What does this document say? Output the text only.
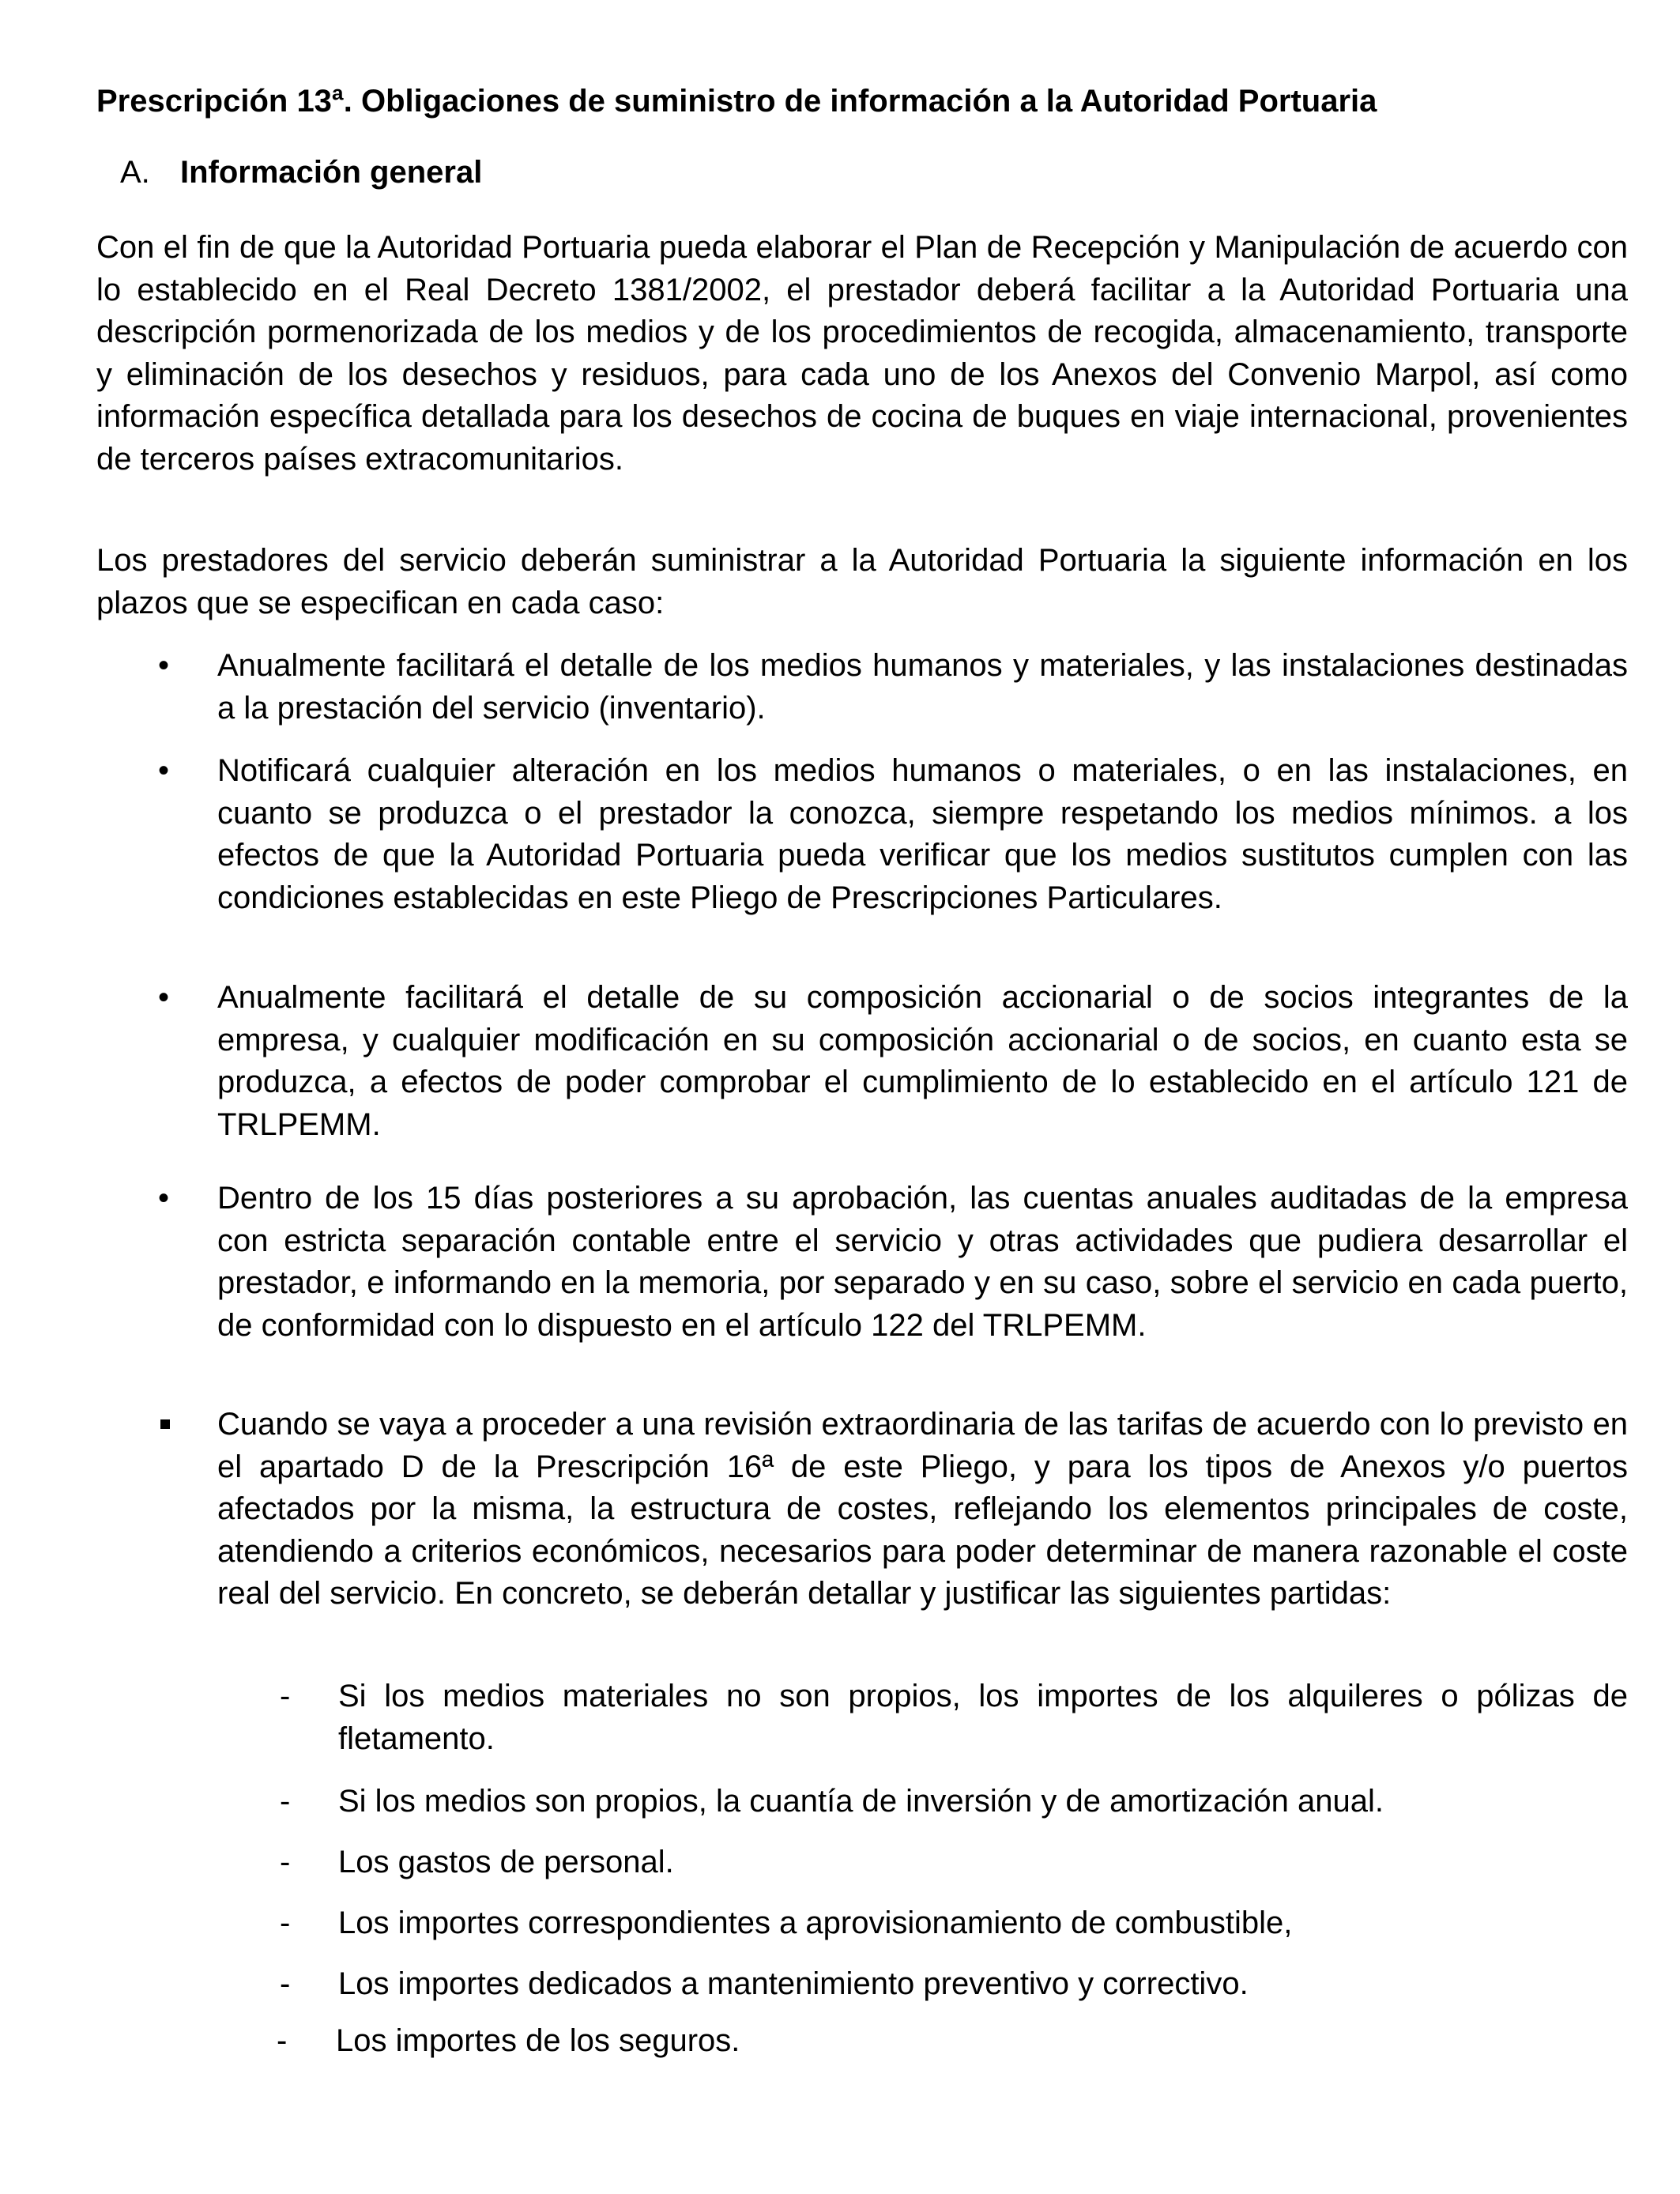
Prescripción 13ª. Obligaciones de suministro de información a la Autoridad Portuaria
A. Información general
Con el fin de que la Autoridad Portuaria pueda elaborar el Plan de Recepción y Manipulación de acuerdo con lo establecido en el Real Decreto 1381/2002, el prestador deberá facilitar a la Autoridad Portuaria una descripción pormenorizada de los medios y de los procedimientos de recogida, almacenamiento, transporte y eliminación de los desechos y residuos, para cada uno de los Anexos del Convenio Marpol, así como información específica detallada para los desechos de cocina de buques en viaje internacional, provenientes de terceros países extracomunitarios.
Los prestadores del servicio deberán suministrar a la Autoridad Portuaria la siguiente información en los plazos que se especifican en cada caso:
•	Anualmente facilitará el detalle de los medios humanos y materiales, y las instalaciones destinadas a la prestación del servicio (inventario).
•	Notificará cualquier alteración en los medios humanos o materiales, o en las instalaciones, en cuanto se produzca o el prestador la conozca, siempre respetando los medios mínimos. a los efectos de que la Autoridad Portuaria pueda verificar que los medios sustitutos cumplen con las condiciones establecidas en este Pliego de Prescripciones Particulares.
•	Anualmente facilitará el detalle de su composición accionarial o de socios integrantes de la empresa, y cualquier modificación en su composición accionarial o de socios, en cuanto esta se produzca, a efectos de poder comprobar el cumplimiento de lo establecido en el artículo 121 de TRLPEMM.
•	Dentro de los 15 días posteriores a su aprobación, las cuentas anuales auditadas de la empresa con estricta separación contable entre el servicio y otras actividades que pudiera desarrollar el prestador, e informando en la memoria, por separado y en su caso, sobre el servicio en cada puerto, de conformidad con lo dispuesto en el artículo 122 del TRLPEMM.
Cuando se vaya a proceder a una revisión extraordinaria de las tarifas de acuerdo con lo previsto en el apartado D de la Prescripción 16ª de este Pliego, y para los tipos de Anexos y/o puertos afectados por la misma, la estructura de costes, reflejando los elementos principales de coste, atendiendo a criterios económicos, necesarios para poder determinar de manera razonable el coste real del servicio. En concreto, se deberán detallar y justificar las siguientes partidas:
- Si los medios materiales no son propios, los importes de los alquileres o pólizas de fletamento.
- Si los medios son propios, la cuantía de inversión y de amortización anual.
- Los gastos de personal.
- Los importes correspondientes a aprovisionamiento de combustible,
- Los importes dedicados a mantenimiento preventivo y correctivo.
- Los importes de los seguros.
